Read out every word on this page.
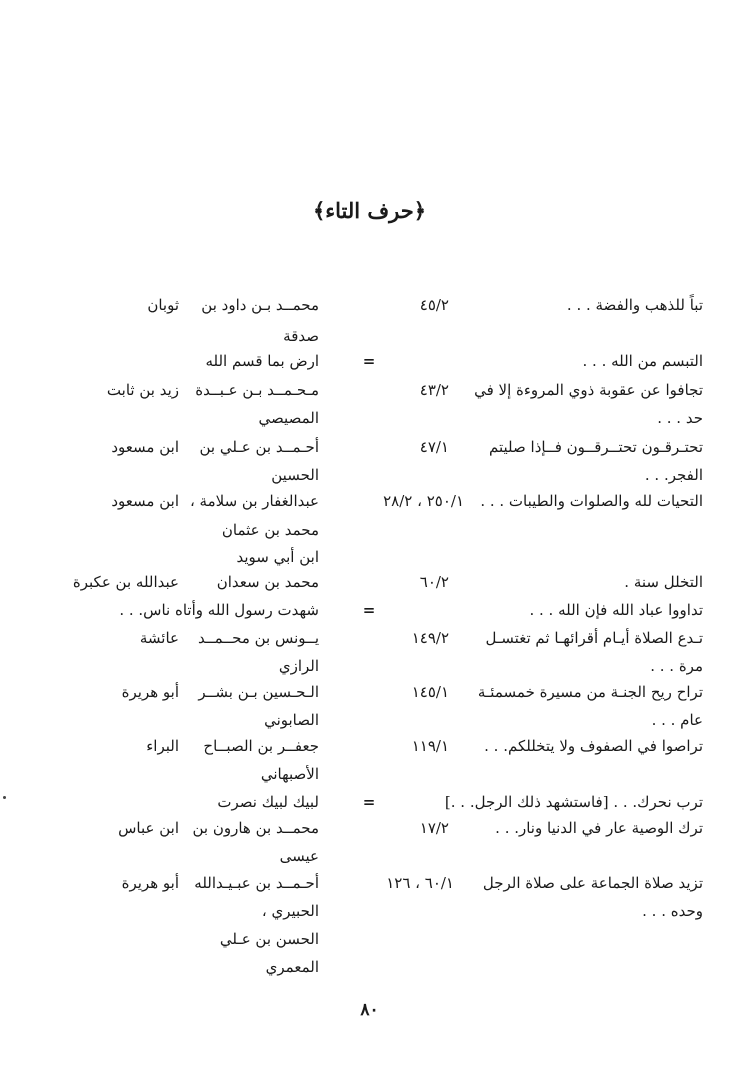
﴿حرف التاء﴾
تباً للذهب والفضة . . .
٤٥/٢
محمــد بـن داود بن
ثوبان
صدقة
التبسم من الله . . .
=
ارض بما قسم الله
تجافوا عن عقوبة ذوي المروءة إلا في
٤٣/٢
مـحـمــد بـن عـبــدة
زيد بن ثابت
حد . . .
المصيصي
تحتـرقـون تحتــرقــون فــإذا صليتم
٤٧/١
أحـمــد بن عـلي بن
ابن مسعود
الفجر. . .
الحسين
التحيات لله والصلوات والطيبات . . .
٢٥٠/١ ، ٢٨/٢
عبدالغفار بن سلامة ،
ابن مسعود
محمد بن عثمان
ابن أبي سويد
التخلل سنة .
٦٠/٢
محمد بن سعدان
عبدالله بن عكبرة
تداووا عباد الله فإن الله . . .
=
شهدت رسول الله وأتاه ناس. . .
تـدع الصلاة أيـام أقرائهـا ثم تغتسـل
١٤٩/٢
يــونس بن محــمــد
عائشة
مرة . . .
الرازي
تراح ريح الجنـة من مسيرة خمسمئـة
١٤٥/١
الـحـسين بـن بشــر
أبو هريرة
عام . . .
الصابوني
تراصوا في الصفوف ولا يتخللكم. . .
١١٩/١
جعفــر بن الصبــاح
البراء
الأصبهاني
ترب نحرك. . . [فاستشهد ذلك الرجل. . .]
=
لبيك لبيك نصرت
ترك الوصية عار في الدنيا ونار. . .
١٧/٢
محمــد بن هارون بن
ابن عباس
عيسى
تزيد صلاة الجماعة على صلاة الرجل
٦٠/١ ، ١٢٦
أحـمــد بن عبـيـدالله
أبو هريرة
وحده . . .
الحبيري ،
الحسن بن عـلي
المعمري
٨٠
